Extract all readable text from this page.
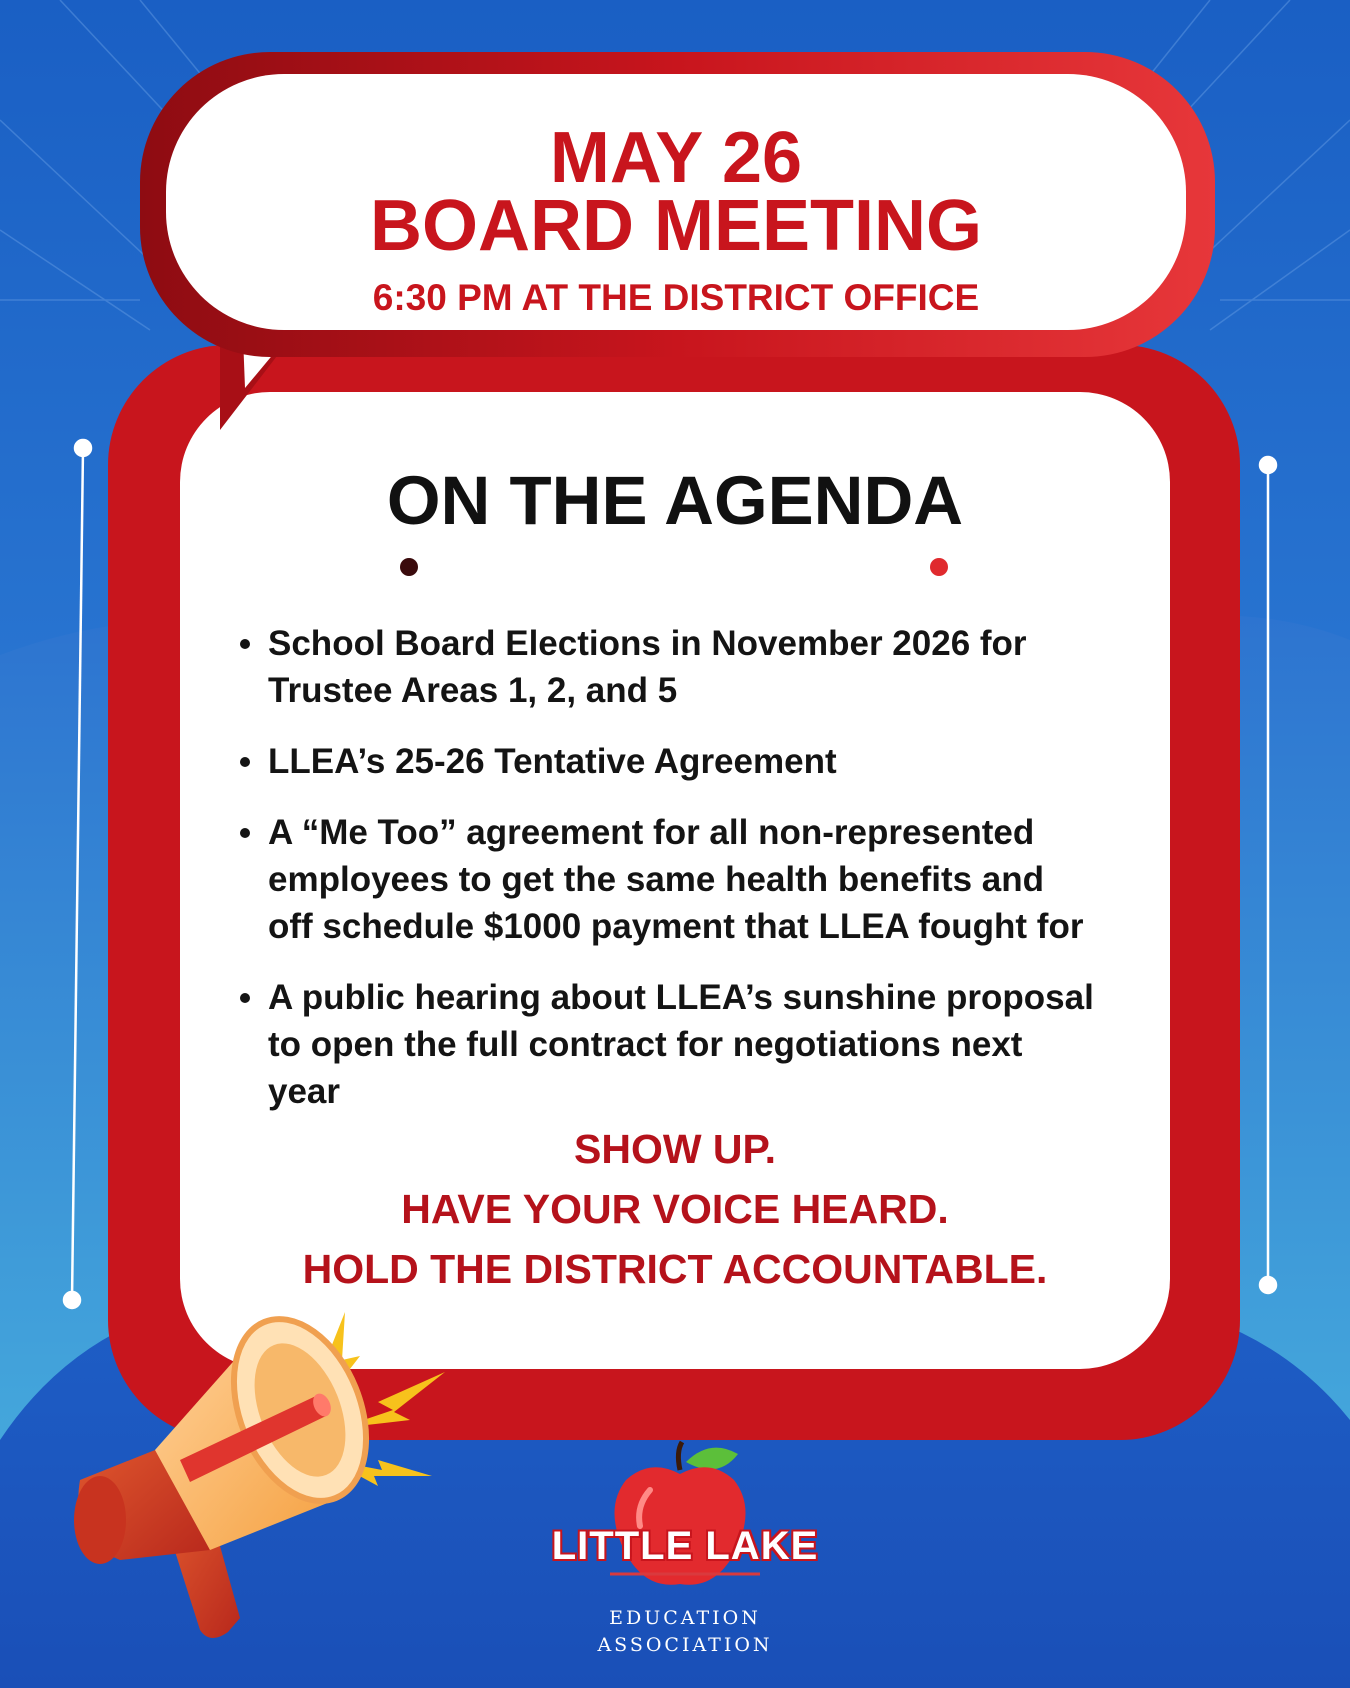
MAY 26
BOARD MEETING

6:30 PM AT THE DISTRICT OFFICE

ON THE AGENDA
School Board Elections in November 2026 for
Trustee Areas 1, 2, and 5
LLEA’s 25-26 Tentative Agreement
A “Me Too” agreement for all non-represented
employees to get the same health benefits and
off schedule $1000 payment that LLEA fought for
A public hearing about LLEA’s sunshine proposal
to open the full contract for negotiations next
year

SHOW UP.

HAVE YOUR VOICE HEARD.

HOLD THE DISTRICT ACCOUNTABLE.

LITTLE LAKE
EDUCATION
ASSOCIATION
